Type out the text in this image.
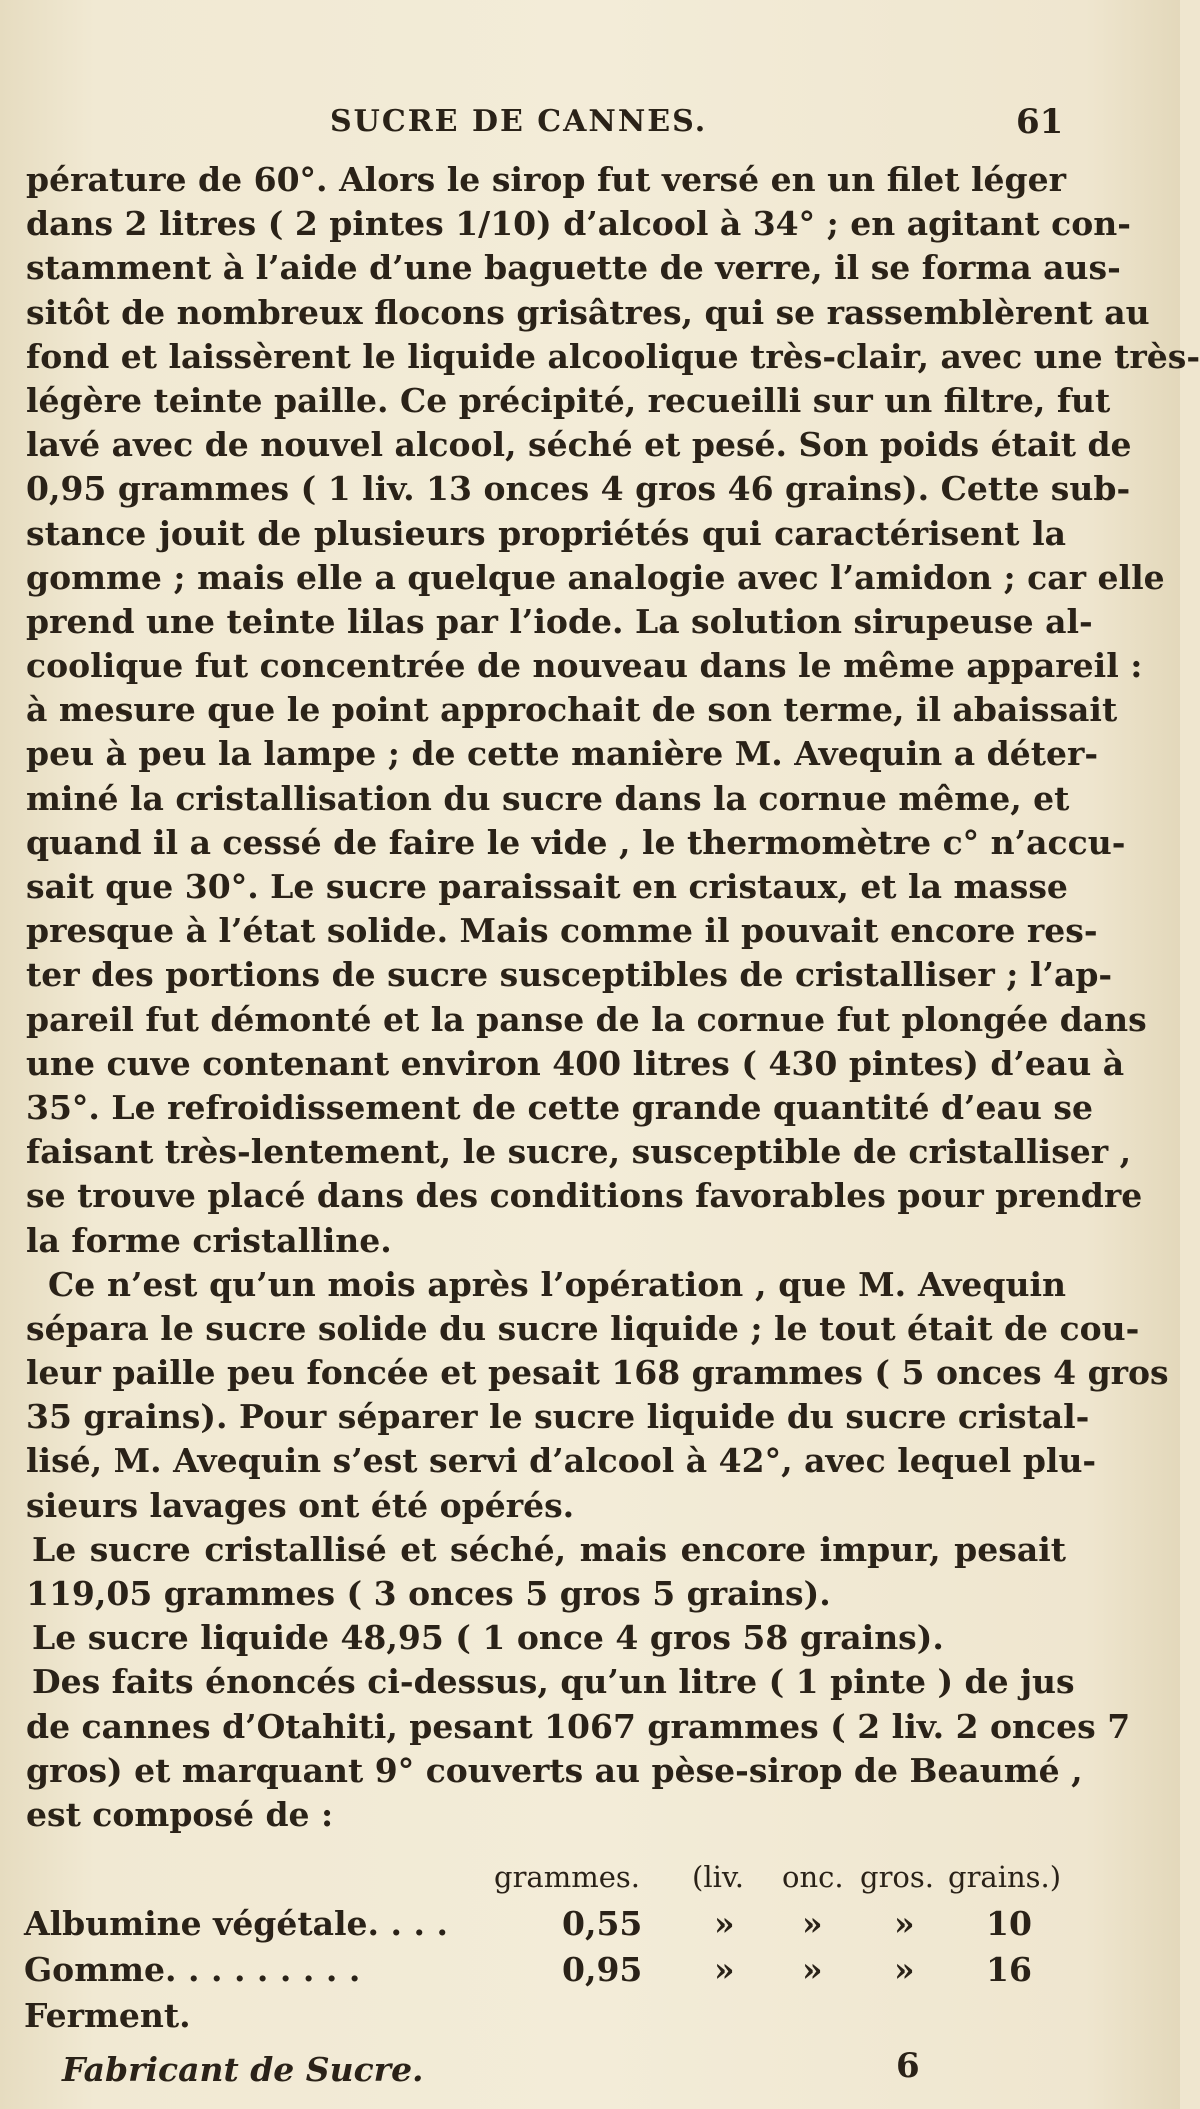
SUCRE DE CANNES.	61
pérature de 60°. Alors le sirop fut versé en un filet léger
dans 2 litres ( 2 pintes 1/10) d’alcool à 34° ; en agitant con-
stamment à l’aide d’une baguette de verre, il se forma aus-
sitôt de nombreux flocons grisâtres, qui se rassemblèrent au
fond et laissèrent le liquide alcoolique très-clair, avec une très-
légère teinte paille. Ce précipité, recueilli sur un filtre, fut
lavé avec de nouvel alcool, séché et pesé. Son poids était de
0,95 grammes ( 1 liv. 13 onces 4 gros 46 grains). Cette sub-
stance jouit de plusieurs propriétés qui caractérisent la
gomme ; mais elle a quelque analogie avec l’amidon ; car elle
prend une teinte lilas par l’iode. La solution sirupeuse al-
coolique fut concentrée de nouveau dans le même appareil :
à mesure que le point approchait de son terme, il abaissait
peu à peu la lampe ; de cette manière M. Avequin a déter-
miné la cristallisation du sucre dans la cornue même, et
quand il a cessé de faire le vide , le thermomètre c° n’accu-
sait que 30°. Le sucre paraissait en cristaux, et la masse
presque à l’état solide. Mais comme il pouvait encore res-
ter des portions de sucre susceptibles de cristalliser ; l’ap-
pareil fut démonté et la panse de la cornue fut plongée dans
une cuve contenant environ 400 litres ( 430 pintes) d’eau à
35°. Le refroidissement de cette grande quantité d’eau se
faisant très-lentement, le sucre, susceptible de cristalliser ,
se trouve placé dans des conditions favorables pour prendre
la forme cristalline.
Ce n’est qu’un mois après l’opération , que M. Avequin
sépara le sucre solide du sucre liquide ; le tout était de cou-
leur paille peu foncée et pesait 168 grammes ( 5 onces 4 gros
35 grains). Pour séparer le sucre liquide du sucre cristal-
lisé, M. Avequin s’est servi d’alcool à 42°, avec lequel plu-
sieurs lavages ont été opérés.
Le sucre cristallisé et séché, mais encore impur, pesait
119,05 grammes ( 3 onces 5 gros 5 grains).
Le sucre liquide 48,95 ( 1 once 4 gros 58 grains).
Des faits énoncés ci-dessus, qu’un litre ( 1 pinte ) de jus
de cannes d’Otahiti, pesant 1067 grammes ( 2 liv. 2 onces 7
gros) et marquant 9° couverts au pèse-sirop de Beaumé ,
est composé de :
grammes. (liv. onc. gros. grains.)
Albumine végétale. . . .	0,55 » » » 10
Gomme. . . . . . . . .	0,95 » » » 16
Ferment.
Fabricant de Sucre.	6
